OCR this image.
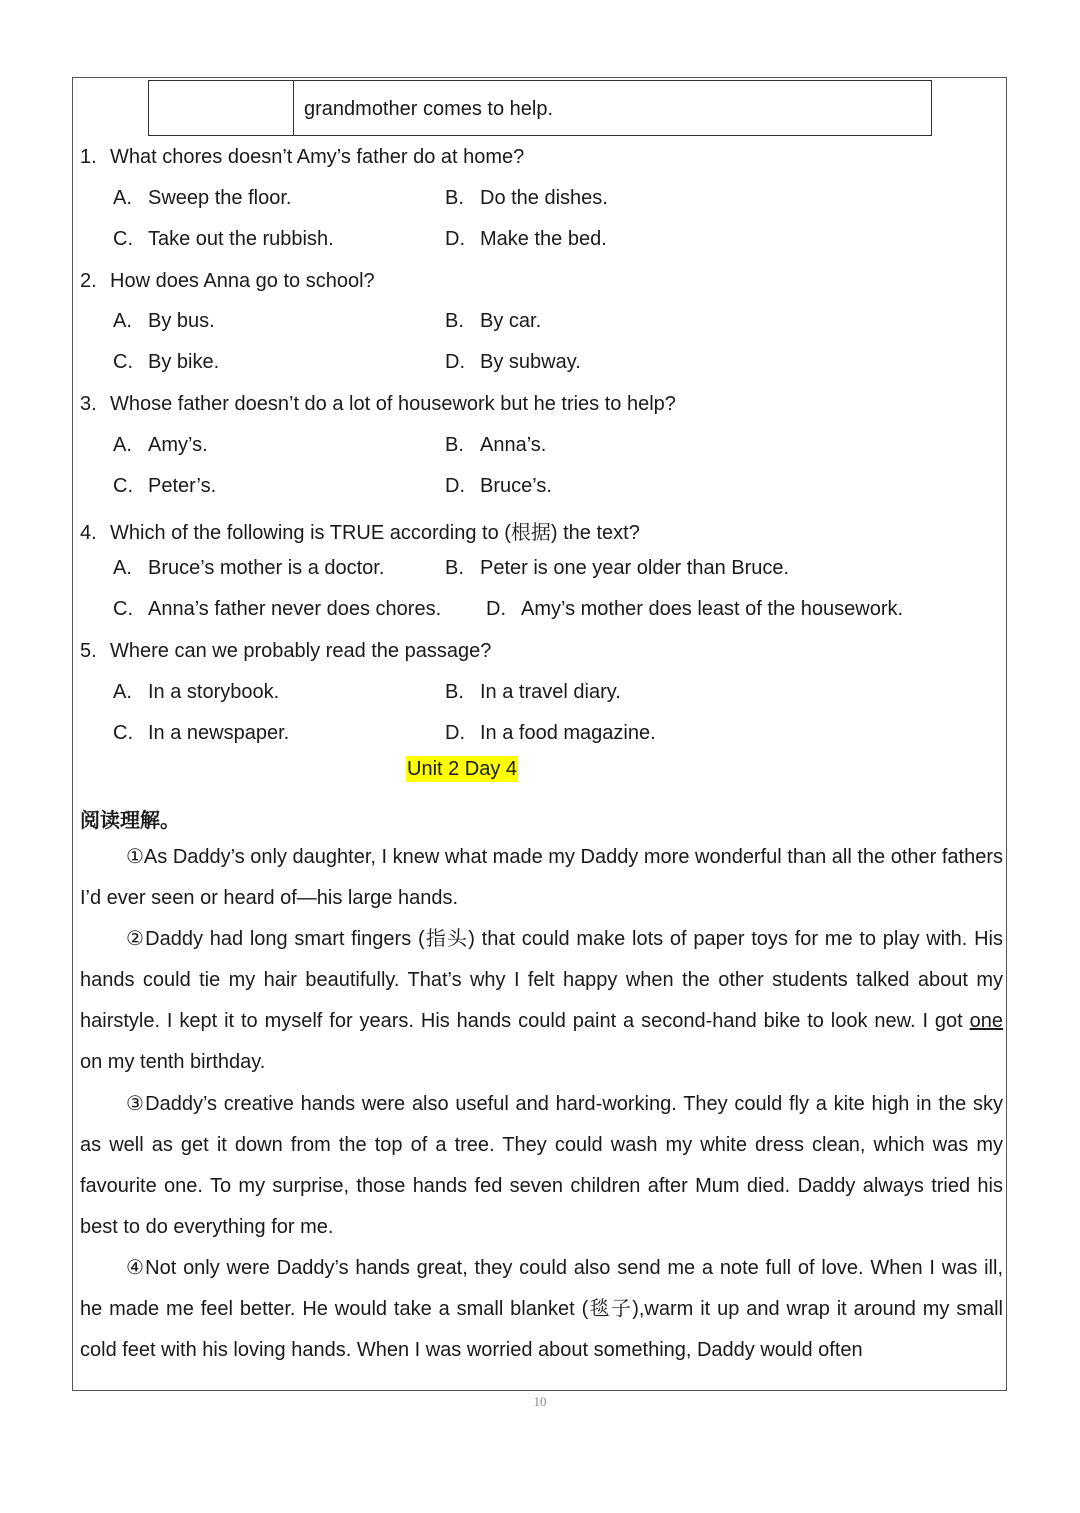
grandmother comes to help.
1. What chores doesn’t Amy’s father do at home?
A. Sweep the floor.	B. Do the dishes.
C. Take out the rubbish.	D. Make the bed.
2. How does Anna go to school?
A. By bus.	B. By car.
C. By bike.	D. By subway.
3. Whose father doesn’t do a lot of housework but he tries to help?
A. Amy’s.	B. Anna’s.
C. Peter’s.	D. Bruce’s.
4. Which of the following is TRUE according to (根据) the text?
A. Bruce’s mother is a doctor.	B. Peter is one year older than Bruce.
C. Anna’s father never does chores. D. Amy’s mother does least of the housework.
5. Where can we probably read the passage?
A. In a storybook.	B. In a travel diary.
C. In a newspaper.	D. In a food magazine.
Unit 2 Day 4
阅读理解。

①As Daddy’s only daughter, I knew what made my Daddy more wonderful than all the other fathers I’d ever seen or heard of—his large hands.

②Daddy had long smart fingers (指头) that could make lots of paper toys for me to play with. His hands could tie my hair beautifully. That’s why I felt happy when the other students talked about my hairstyle. I kept it to myself for years. His hands could paint a second-hand bike to look new. I got one on my tenth birthday.

③Daddy’s creative hands were also useful and hard-working. They could fly a kite high in the sky as well as get it down from the top of a tree. They could wash my white dress clean, which was my favourite one. To my surprise, those hands fed seven children after Mum died. Daddy always tried his best to do everything for me.

④Not only were Daddy’s hands great, they could also send me a note full of love. When I was ill, he made me feel better. He would take a small blanket (毯子),warm it up and wrap it around my small cold feet with his loving hands. When I was worried about something, Daddy would often

10
